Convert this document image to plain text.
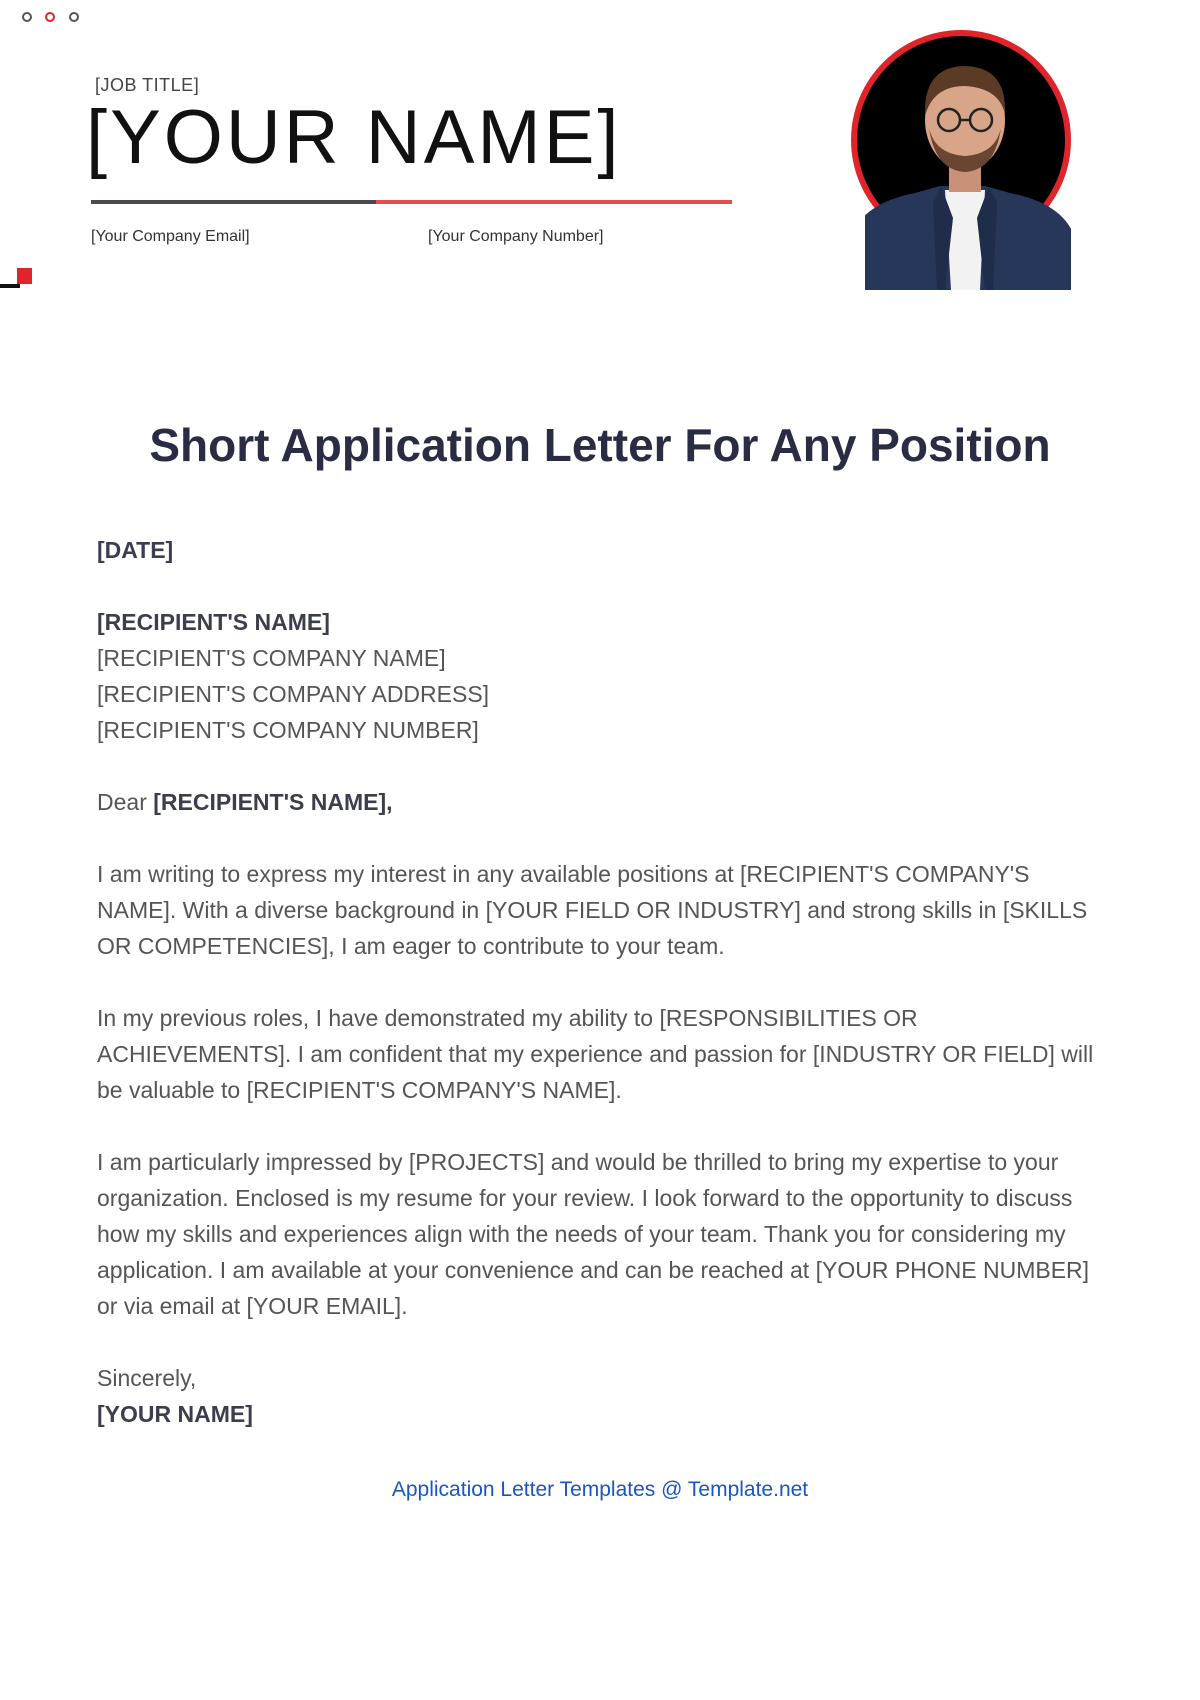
[JOB TITLE]
[YOUR NAME]
[Your Company Email]	[Your Company Number]
Short Application Letter For Any Position

[DATE]

[RECIPIENT'S NAME]
[RECIPIENT'S COMPANY NAME]
[RECIPIENT'S COMPANY ADDRESS]
[RECIPIENT'S COMPANY NUMBER]

Dear [RECIPIENT'S NAME],

I am writing to express my interest in any available positions at [RECIPIENT'S COMPANY'S NAME]. With a diverse background in [YOUR FIELD OR INDUSTRY] and strong skills in [SKILLS OR COMPETENCIES], I am eager to contribute to your team.

In my previous roles, I have demonstrated my ability to [RESPONSIBILITIES OR ACHIEVEMENTS]. I am confident that my experience and passion for [INDUSTRY OR FIELD] will be valuable to [RECIPIENT'S COMPANY'S NAME].

I am particularly impressed by [PROJECTS] and would be thrilled to bring my expertise to your organization. Enclosed is my resume for your review. I look forward to the opportunity to discuss how my skills and experiences align with the needs of your team. Thank you for considering my application. I am available at your convenience and can be reached at [YOUR PHONE NUMBER] or via email at [YOUR EMAIL].

Sincerely,
[YOUR NAME]

Application Letter Templates @ Template.net
